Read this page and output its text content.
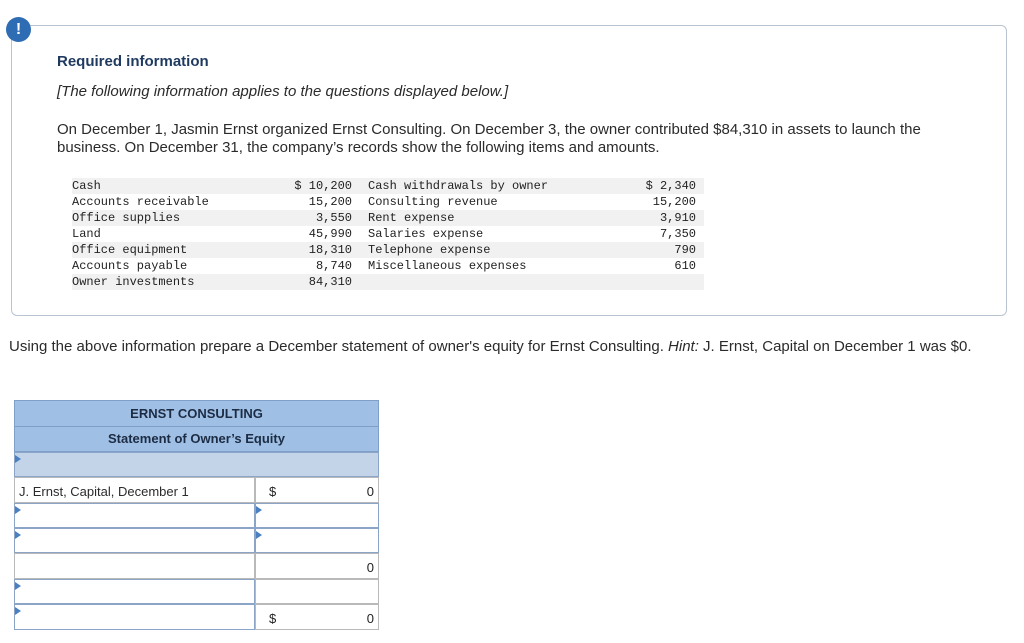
!
Required information
[The following information applies to the questions displayed below.]
On December 1, Jasmin Ernst organized Ernst Consulting. On December 3, the owner contributed $84,310 in assets to launch the business. On December 31, the company’s records show the following items and amounts.
Cash	$ 10,200 Cash withdrawals by owner	$ 2,340
Accounts receivable	15,200 Consulting revenue	15,200
Office supplies	3,550 Rent expense	3,910
Land	45,990 Salaries expense	7,350
Office equipment	18,310 Telephone expense	790
Accounts payable	8,740 Miscellaneous expenses	610
Owner investments	84,310
Using the above information prepare a December statement of owner's equity for Ernst Consulting. Hint: J. Ernst, Capital on December 1 was $0.
ERNST CONSULTING
Statement of Owner’s Equity
J. Ernst, Capital, December 1	$	0
0
$	0
